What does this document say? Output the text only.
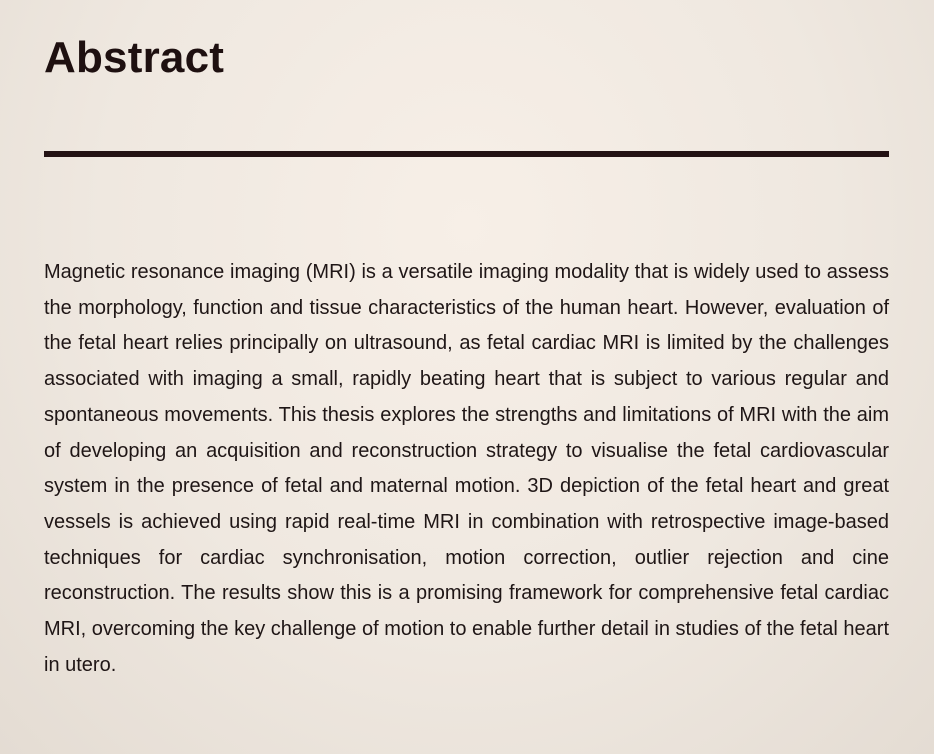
Abstract

Magnetic resonance imaging (MRI) is a versatile imaging modality that is widely used to assess the morphology, function and tissue characteristics of the human heart. However, evaluation of the fetal heart relies principally on ultrasound, as fetal cardiac MRI is limited by the challenges associated with imaging a small, rapidly beating heart that is subject to various regular and spontaneous movements. This thesis explores the strengths and limitations of MRI with the aim of developing an acquisition and reconstruction strategy to visualise the fetal cardiovascular system in the presence of fetal and maternal motion. 3D depiction of the fetal heart and great vessels is achieved using rapid real-time MRI in combination with retrospective image-based techniques for cardiac synchronisation, motion correction, outlier rejection and cine reconstruction. The results show this is a promising framework for comprehensive fetal cardiac MRI, overcoming the key challenge of motion to enable further detail in studies of the fetal heart in utero.
